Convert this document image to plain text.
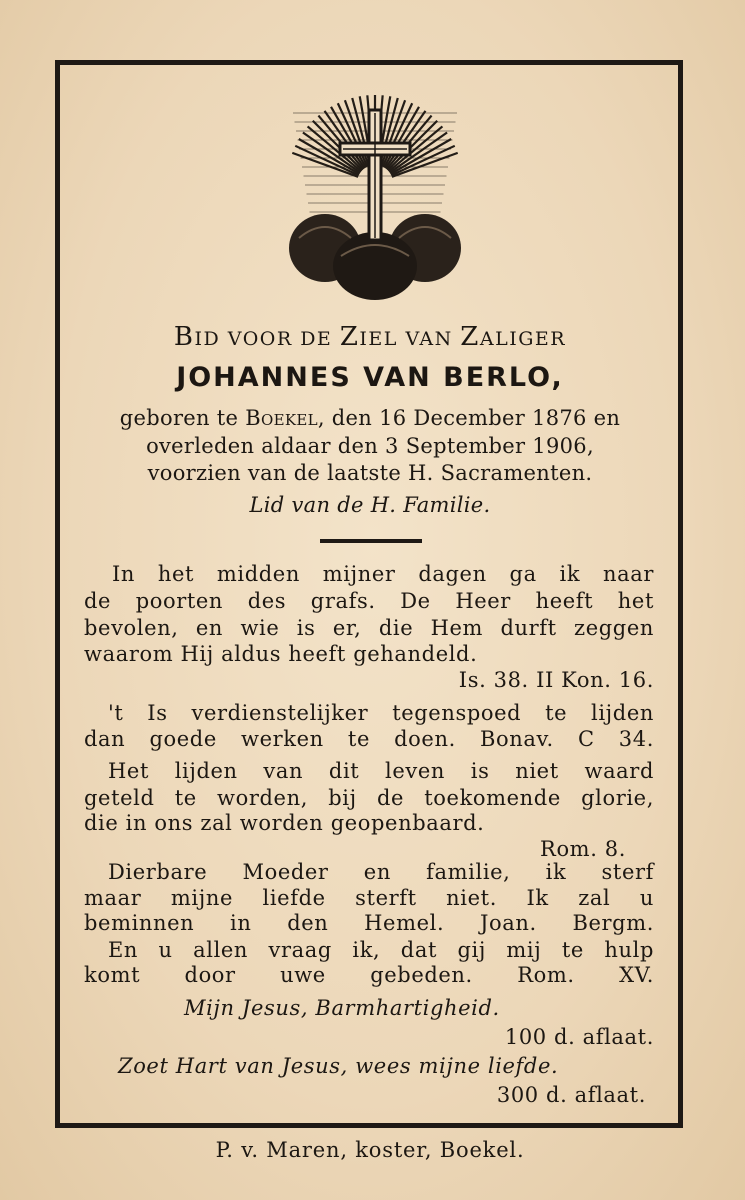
BID VOOR DE ZIEL VAN ZALIGER
JOHANNES VAN BERLO,
geboren te BOEKEL, den 16 December 1876 en
overleden aldaar den 3 September 1906,
voorzien van de laatste H. Sacramenten.
Lid van de H. Familie.
In het midden mijner dagen ga ik naar
de poorten des grafs. De Heer heeft het
bevolen, en wie is er, die Hem durft zeggen
waarom Hij aldus heeft gehandeld.
Is. 38. II Kon. 16.
't Is verdienstelijker tegenspoed te lijden
dan goede werken te doen. Bonav. C 34.
Het lijden van dit leven is niet waard
geteld te worden, bij de toekomende glorie,
die in ons zal worden geopenbaard.
Rom. 8.
Dierbare Moeder en familie, ik sterf
maar mijne liefde sterft niet. Ik zal u
beminnen in den Hemel. Joan. Bergm.
En u allen vraag ik, dat gij mij te hulp
komt door uwe gebeden. Rom. XV.
Mijn Jesus, Barmhartigheid.
100 d. aflaat.
Zoet Hart van Jesus, wees mijne liefde.
300 d. aflaat.
P. v. Maren, koster, Boekel.
